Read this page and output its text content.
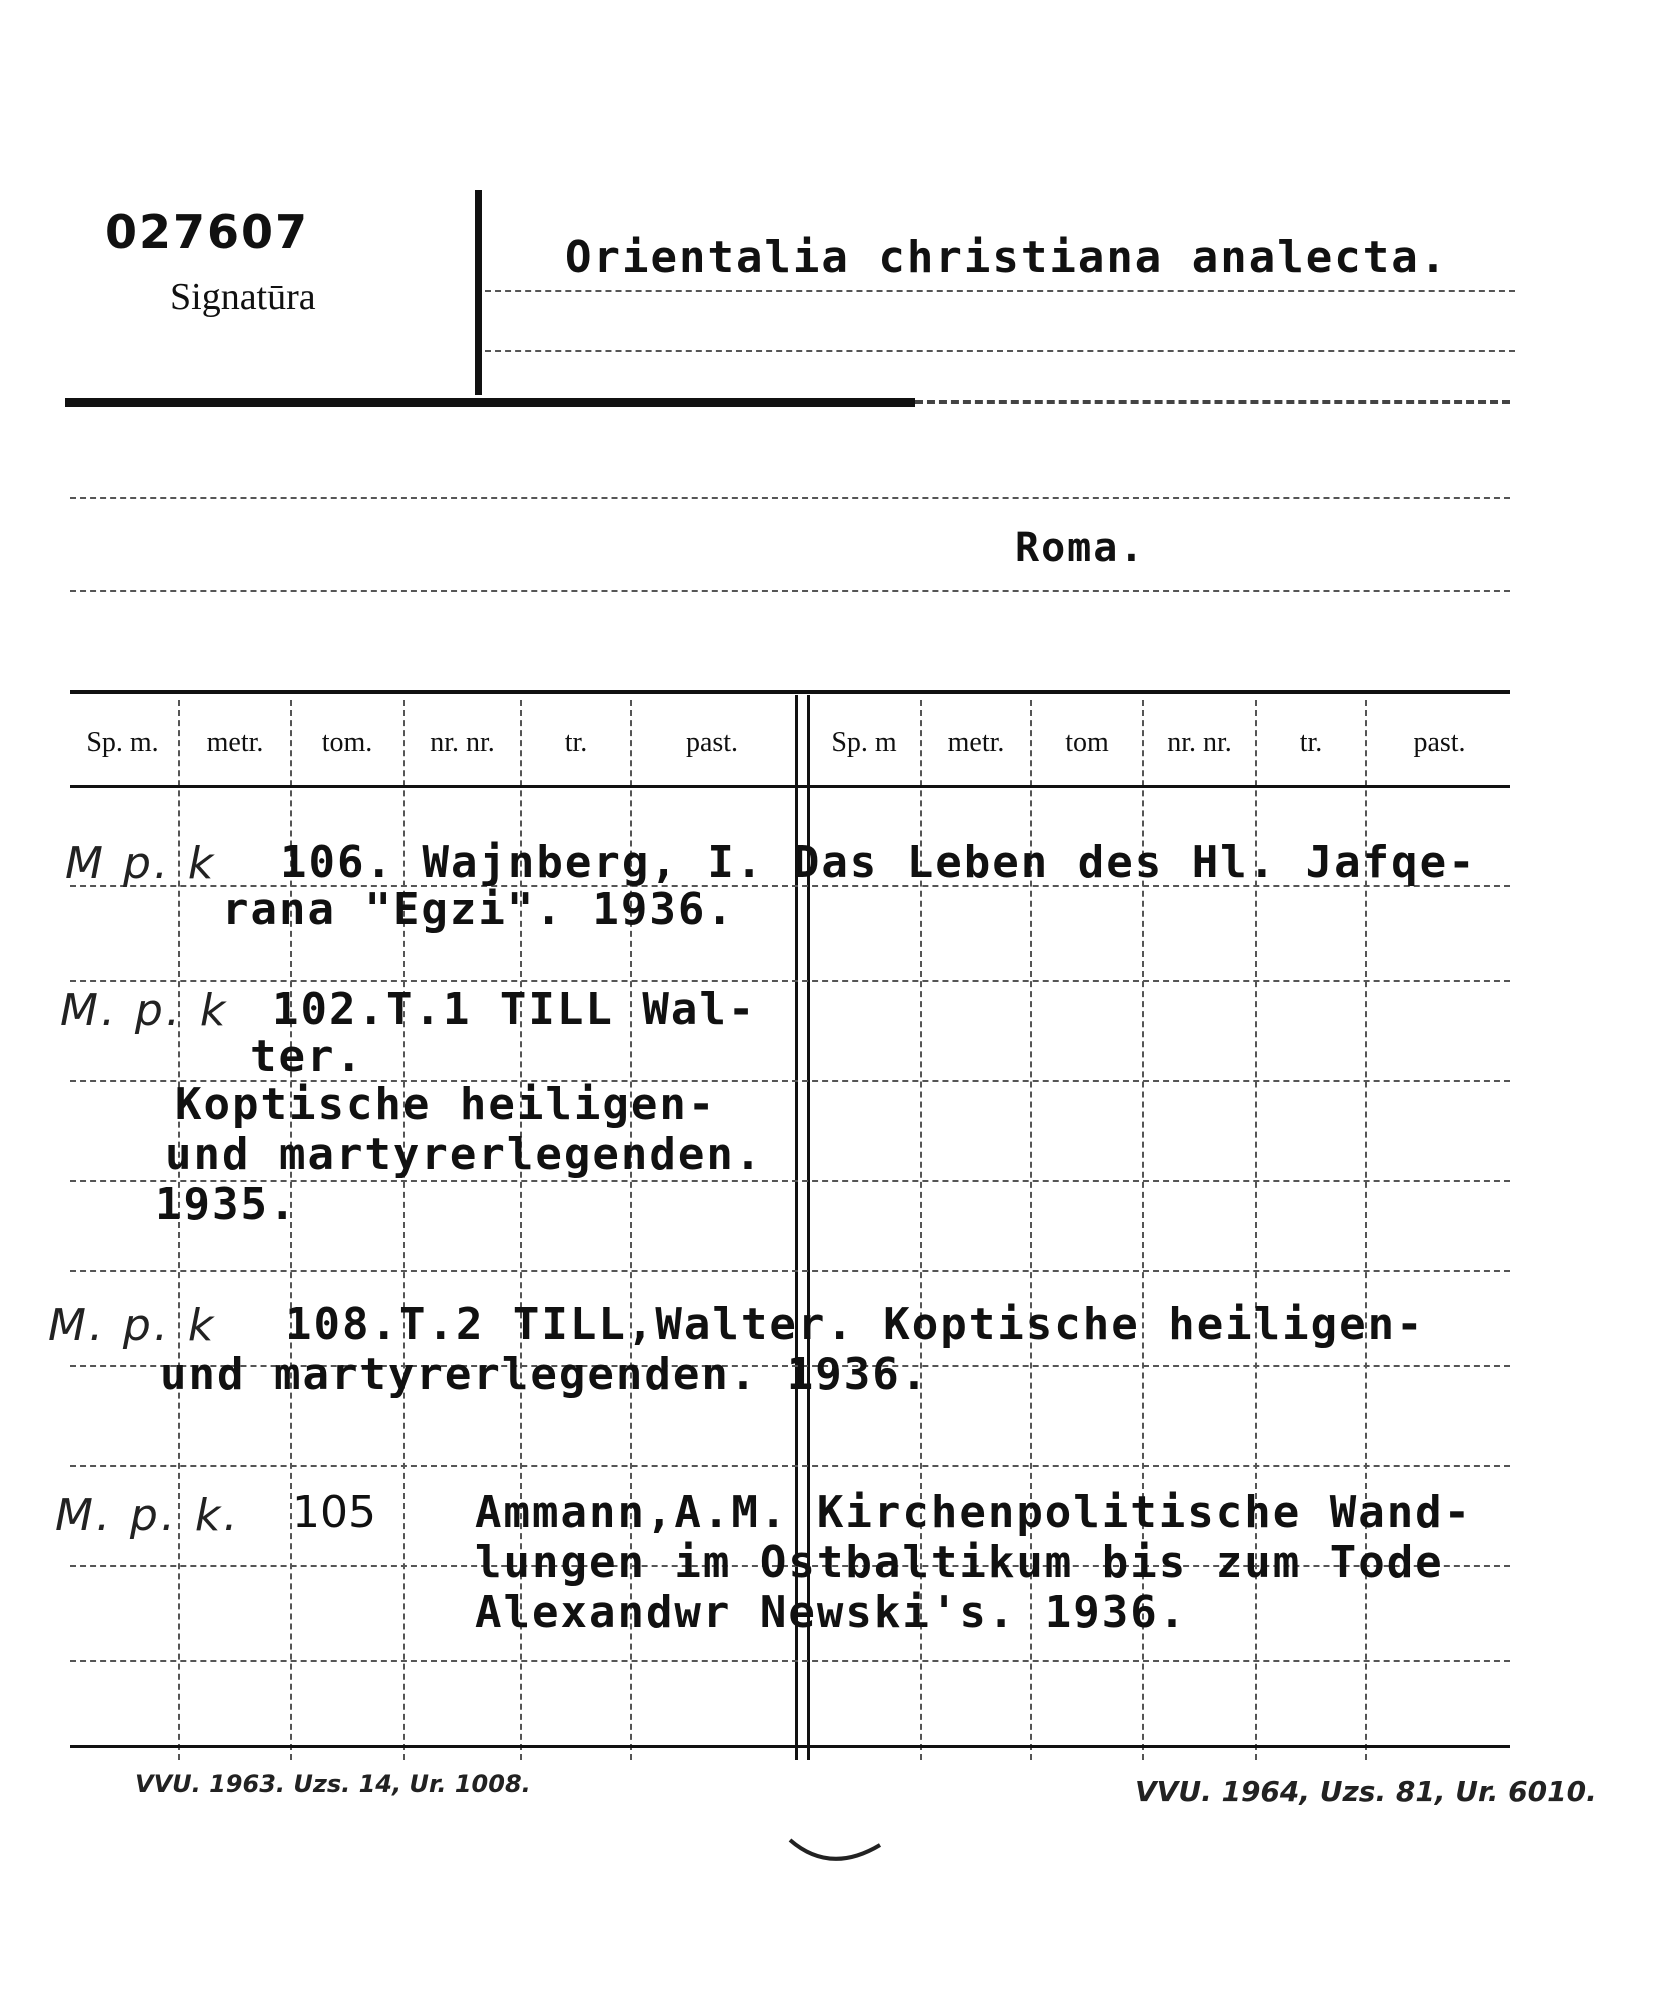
027607
Signatūra
Orientalia christiana analecta.
Roma.
Sp. m.	metr.	tom.	nr. nr.	tr.	past.	Sp. m	metr.	tom	nr. nr.	tr.	past.
M p. k 106. Wajnberg, I. Das Leben des Hl. Jafqe-
rana "Egzi". 1936.
M. p. k 102.T.1 TILL Wal-
ter.
Koptische heiligen-
und martyrerlegenden.
1935.
M. p. k 108.T.2 TILL,Walter. Koptische heiligen-
und martyrerlegenden. 1936.
M. p. k. 105 Ammann,A.M. Kirchenpolitische Wand-
lungen im Ostbaltikum bis zum Tode
Alexandwr Newski's. 1936.
VVU. 1963. Uzs. 14, Ur. 1008.	VVU. 1964, Uzs. 81, Ur. 6010.
